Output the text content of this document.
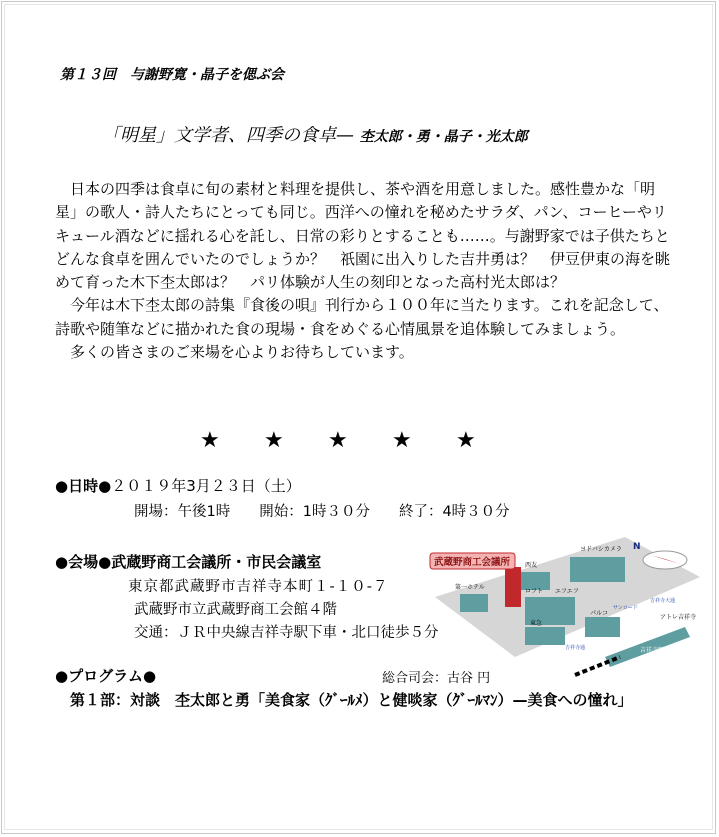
第１３回　与謝野寛・晶子を偲ぶ会
「明星」文学者、四季の食卓— 杢太郎・勇・晶子・光太郎

日本の四季は食卓に旬の素材と料理を提供し、茶や酒を用意しました。感性豊かな「明星」の歌人・詩人たちにとっても同じ。西洋への憧れを秘めたサラダ、パン、コーヒーやリキュール酒などに揺れる心を託し、日常の彩りとすることも……。与謝野家では子供たちとどんな食卓を囲んでいたのでしょうか？　祇園に出入りした吉井勇は？　伊豆伊東の海を眺めて育った木下杢太郎は？　パリ体験が人生の刻印となった高村光太郎は？

今年は木下杢太郎の詩集『食後の唄』刊行から１００年に当たります。これを記念して、詩歌や随筆などに描かれた食の現場・食をめぐる心情風景を追体験してみましょう。

多くの皆さまのご来場を心よりお待ちしています。

★ ★ ★ ★ ★
●日時●２０１９年3月２３日（土）
開場：午後1時　　開始：1時３０分　　終了：4時３０分
●会場●武蔵野商工会議所・市民会議室
東京都武蔵野市吉祥寺本町１-１０-７
武蔵野市立武蔵野商工会館４階
交通：ＪＲ中央線吉祥寺駅下車・北口徒歩５分
武蔵野商工会議所 西友
ヨドバシカメラ
第一ホテル
ロフト エフエフ
東急
パルコ
アトレ吉祥寺
サンロード
吉祥寺大通
吉祥寺通	吉祥寺駅
N
●プログラム●	総合司会：古谷 円
第１部：対談　杢太郎と勇「美食家（ｸﾞｰﾙﾒ）と健啖家（ｸﾞｰﾙﾏﾝ）—美食への憧れ」
